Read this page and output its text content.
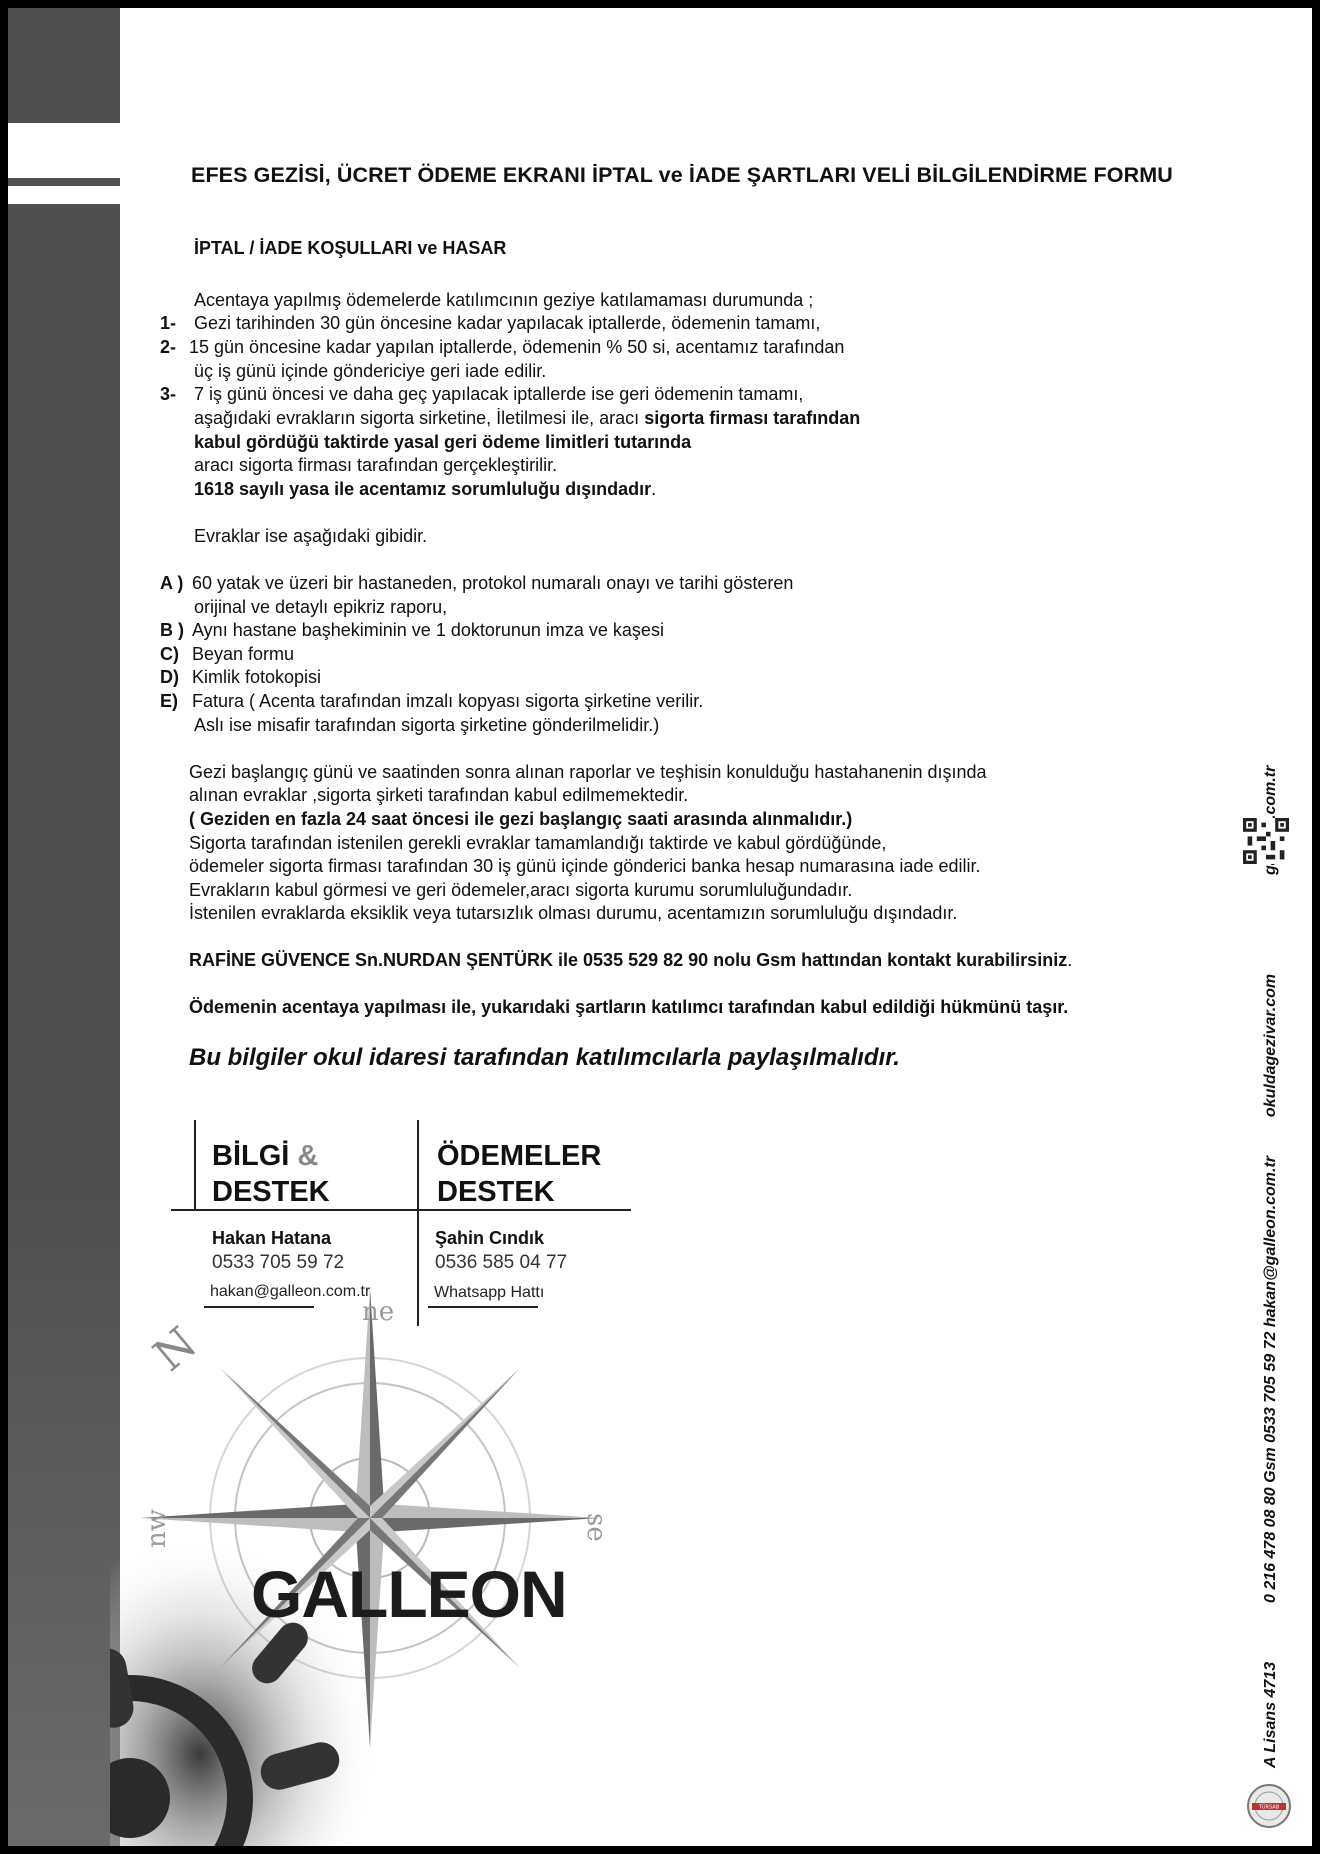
EFES GEZİSİ, ÜCRET ÖDEME EKRANI İPTAL ve İADE ŞARTLARI VELİ BİLGİLENDİRME FORMU
İPTAL / İADE KOŞULLARI ve HASAR
Acentaya yapılmış ödemelerde katılımcının geziye katılamaması durumunda ;
1- Gezi tarihinden 30 gün öncesine kadar yapılacak iptallerde, ödemenin tamamı,
2- 15 gün öncesine kadar yapılan iptallerde, ödemenin % 50 si, acentamız tarafından
üç iş günü içinde göndericiye geri iade edilir.
3- 7 iş günü öncesi ve daha geç yapılacak iptallerde ise geri ödemenin tamamı,
aşağıdaki evrakların sigorta sirketine, İletilmesi ile, aracı sigorta firması tarafından
kabul gördüğü taktirde yasal geri ödeme limitleri tutarında
aracı sigorta firması tarafından gerçekleştirilir.
1618 sayılı yasa ile acentamız sorumluluğu dışındadır.
Evraklar ise aşağıdaki gibidir.
A ) 60 yatak ve üzeri bir hastaneden, protokol numaralı onayı ve tarihi gösteren
orijinal ve detaylı epikriz raporu,
B ) Aynı hastane başhekiminin ve 1 doktorunun imza ve kaşesi
C) Beyan formu
D) Kimlik fotokopisi
E) Fatura ( Acenta tarafından imzalı kopyası sigorta şirketine verilir.
Aslı ise misafir tarafından sigorta şirketine gönderilmelidir.)
Gezi başlangıç günü ve saatinden sonra alınan raporlar ve teşhisin konulduğu hastahanenin dışında
alınan evraklar ,sigorta şirketi tarafından kabul edilmemektedir.
( Geziden en fazla 24 saat öncesi ile gezi başlangıç saati arasında alınmalıdır.)
Sigorta tarafından istenilen gerekli evraklar tamamlandığı taktirde ve kabul gördüğünde,
ödemeler sigorta firması tarafından 30 iş günü içinde gönderici banka hesap numarasına iade edilir.
Evrakların kabul görmesi ve geri ödemeler,aracı sigorta kurumu sorumluluğundadır.
İstenilen evraklarda eksiklik veya tutarsızlık olması durumu, acentamızın sorumluluğu dışındadır.
RAFİNE GÜVENCE Sn.NURDAN ŞENTÜRK ile 0535 529 82 90 nolu Gsm hattından kontakt kurabilirsiniz.
Ödemenin acentaya yapılması ile, yukarıdaki şartların katılımcı tarafından kabul edildiği hükmünü taşır.
Bu bilgiler okul idaresi tarafından katılımcılarla paylaşılmalıdır.
BİLGİ &
DESTEK
Hakan Hatana
0533 705 59 72
hakan@galleon.com.tr
ÖDEMELER
DESTEK
Şahin Cındık
0536 585 04 77
Whatsapp Hattı
N
ne
nw	se
GALLEON
A Lisans 4713  0 216 478 08 80 Gsm 0533 705 59 72 hakan@galleon.com.tr  okuldagezivar.com
TÜRSAB
